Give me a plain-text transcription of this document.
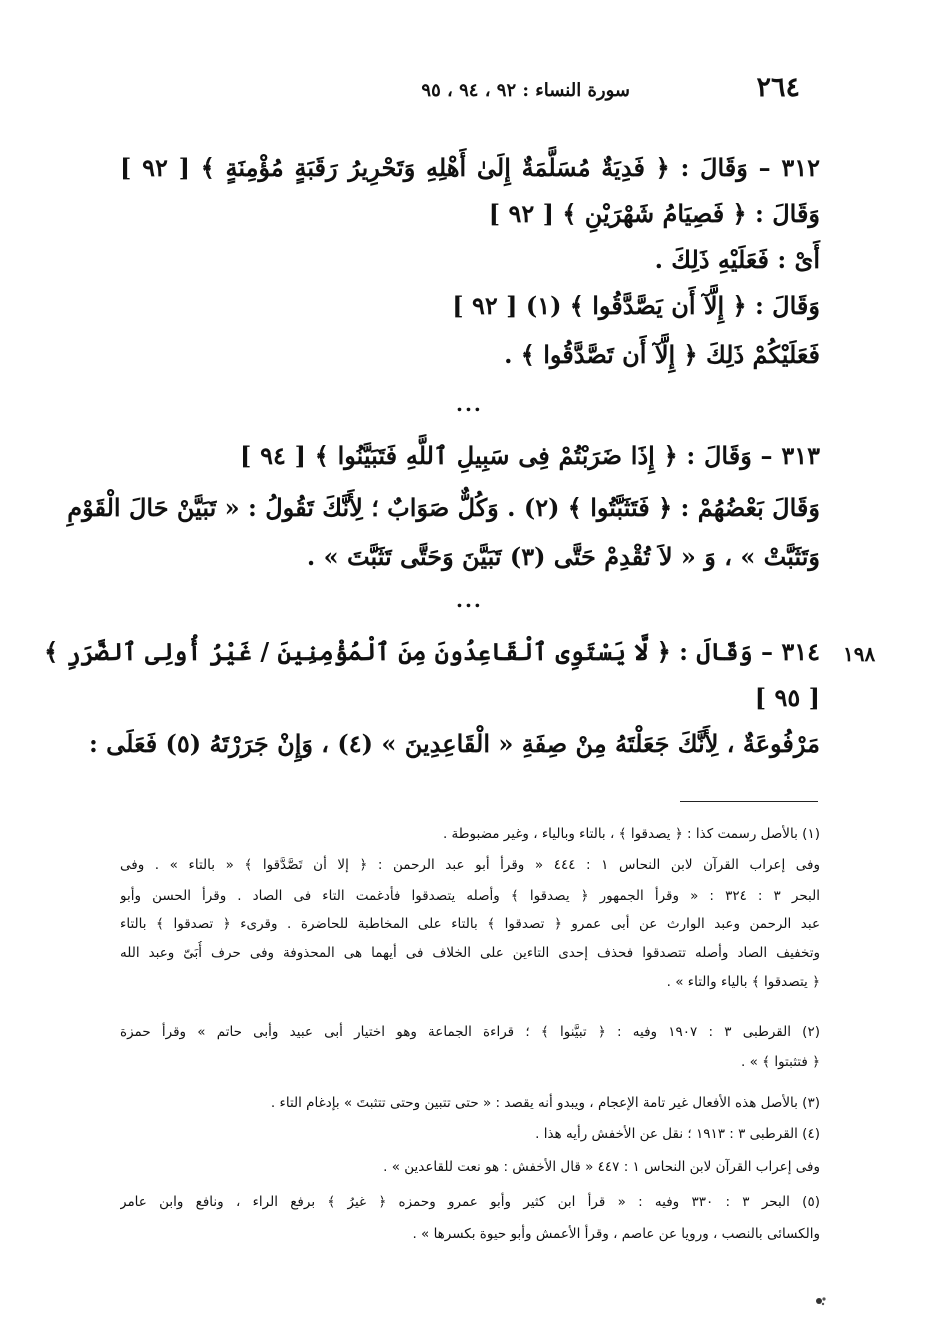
٢٦٤
سورة النساء : ٩٢ ، ٩٤ ، ٩٥
٣١٢ – وَقَالَ : ﴿ فَدِيَةٌ مُسَلَّمَةٌ إِلَىٰ أَهْلِهِ وَتَحْرِيرُ رَقَبَةٍ مُؤْمِنَةٍ ﴾ [ ٩٢ ]
وَقَالَ : ﴿ فَصِيَامُ شَهْرَيْنِ ﴾ [ ٩٢ ]
أَىْ : فَعَلَيْهِ ذَلِكَ .
وَقَالَ : ﴿ إِلَّآ أَن يَصَّدَّقُوا ﴾ (١) [ ٩٢ ]
فَعَلَيْكُمْ ذَلِكَ ﴿ إِلَّآ أَن تَصَّدَّقُوا ﴾ .
...
٣١٣ – وَقَالَ : ﴿ إِذَا ضَرَبْتُمْ فِى سَبِيلِ ٱللَّهِ فَتَبَيَّنُوا ﴾ [ ٩٤ ]
وَقَالَ بَعْضُهُمْ : ﴿ فَتَثَبَّتُوا ﴾ (٢) . وَكُلٌّ صَوَابٌ ؛ لِأَنَّكَ تَقُولُ : « تَبَيَّنْ حَالَ الْقَوْمِ
وَتَثَبَّتْ » ، وَ « لاَ تُقْدِمْ حَتَّى (٣) تَبَيَّنَ وَحَتَّى تَثَبَّتَ » .
...
٣١٤ – وَقَالَ : ﴿ لَّا يَسْتَوِى ٱلْقَاعِدُونَ مِنَ ٱلْمُؤْمِنِينَ / غَيْرُ أُولِى ٱلضَّرَرِ ﴾
[ ٩٥ ]
مَرْفُوعَةٌ ، لِأَنَّكَ جَعَلْتَهُ مِنْ صِفَةِ « الْقَاعِدِينَ » (٤) ، وَإِنْ جَرَرْتَهُ (٥) فَعَلَى :
١٩٨
(١) بالأصل رسمت كذا : ﴿ يصدقوا ﴾ ، بالتاء وبالياء ، وغير مضبوطة .
وفى إعراب القرآن لابن النحاس ١ : ٤٤٤ « وقرأ أبو عبد الرحمن : ﴿ إلا أن تَصَّدَّقوا ﴾ « بالتاء » . وفى
البحر ٣ : ٣٢٤ : « وقرأ الجمهور ﴿ يصدقوا ﴾ وأصله يتصدقوا فأدغمت التاء فى الصاد . وقرأ الحسن وأبو
عبد الرحمن وعبد الوارث عن أبى عمرو ﴿ تصدقوا ﴾ بالتاء على المخاطبة للحاضرة . وقرىء ﴿ تصدقوا ﴾ بالتاء
وتخفيف الصاد وأصله تتصدقوا فحذف إحدى التاءين على الخلاف فى أيهما هى المحذوفة وفى حرف أُبَىّ وعبد الله
﴿ يتصدقوا ﴾ بالياء والتاء » .
(٢) القرطبى ٣ : ١٩٠٧ وفيه : ﴿ تبيَّنوا ﴾ ؛ قراءة الجماعة وهو اختيار أبى عبيد وأبى حاتم » وقرأ حمزة
﴿ فتثبتوا ﴾ » .
(٣) بالأصل هذه الأفعال غير تامة الإعجام ، ويبدو أنه يقصد : « حتى تتبين وحتى تتثبتَ » بإدغام التاء .
(٤) القرطبى ٣ : ١٩١٣ ؛ نقل عن الأخفش رأيه هذا .
وفى إعراب القرآن لابن النحاس ١ : ٤٤٧ « قال الأخفش : هو نعت للقاعدين » .
(٥) البحر ٣ : ٣٣٠ وفيه : « قرأ ابن كثير وأبو عمرو وحمزه ﴿ غيرُ ﴾ برفع الراء ، ونافع وابن عامر
والكسائى بالنصب ، ورويا عن عاصم ، وقرأ الأعمش وأبو حيوة بكسرها » .
